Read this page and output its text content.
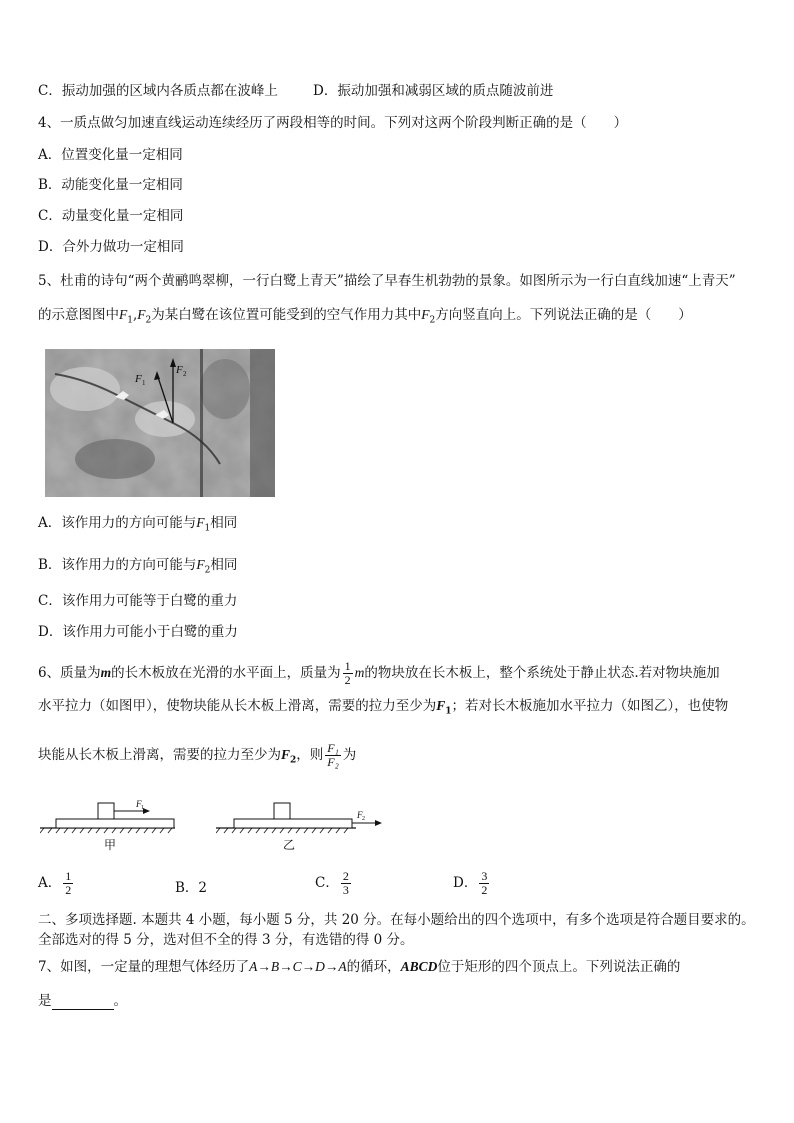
C．振动加强的区域内各质点都在波峰上	D．振动加强和减弱区域的质点随波前进
4、一质点做匀加速直线运动连续经历了两段相等的时间。下列对这两个阶段判断正确的是（　　）
A．位置变化量一定相同
B．动能变化量一定相同
C．动量变化量一定相同
D．合外力做功一定相同
5、杜甫的诗句“两个黄鹂鸣翠柳，一行白鹭上青天”描绘了早春生机勃勃的景象。如图所示为一行白直线加速“上青天”
的示意图图中$F_1,F_2$为某白鹭在该位置可能受到的空气作用力其中$F_2$方向竖直向上。下列说法正确的是（　　）
F 1
F 2
A．该作用力的方向可能与$F_1$相同
B．该作用力的方向可能与$F_2$相同
C．该作用力可能等于白鹭的重力
D．该作用力可能小于白鹭的重力
6、质量为m的长木板放在光滑的水平面上，质量为 $\frac{1}{2}$ m的物块放在长木板上，整个系统处于静止状态.若对物块施加
水平拉力（如图甲），使物块能从长木板上滑离，需要的拉力至少为$F_1$；若对长木板施加水平拉力（如图乙），也使物
块能从长木板上滑离，需要的拉力至少为$F_2$，则 $\frac{\text{F₁}}{\text{F₂}}$ 为
F 1
甲
F 2
乙
A． $\frac{1}{2}$	B．2	C． $\frac{2}{3}$	D． $\frac{3}{2}$
二、多项选择题. 本题共 4 小题，每小题 5 分，共 20 分。在每小题给出的四个选项中，有多个选项是符合题目要求的。
全部选对的得 5 分，选对但不全的得 3 分，有选错的得 0 分。
7、如图，一定量的理想气体经历了A→B→C→D→A的循环，ABCD位于矩形的四个顶点上。下列说法正确的
是	。
